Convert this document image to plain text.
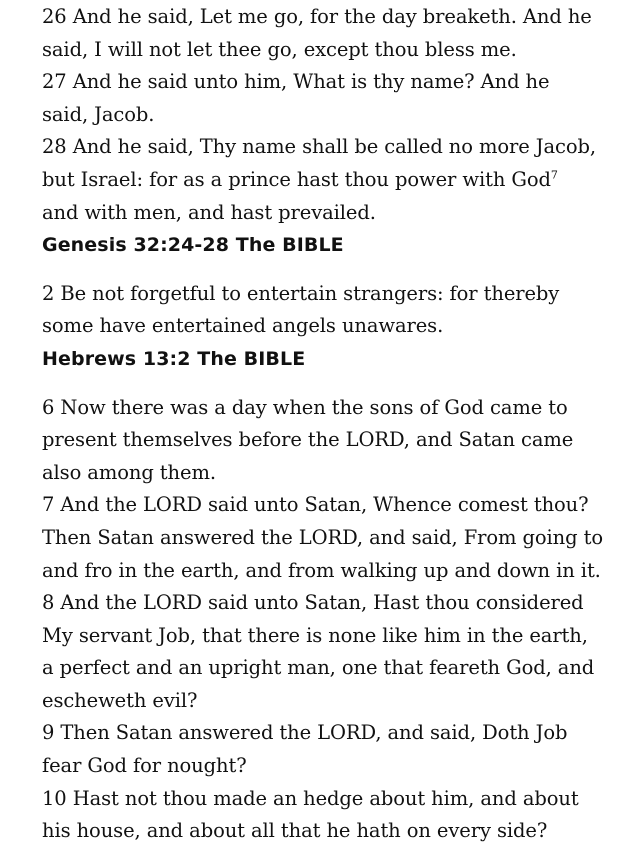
26 And he said, Let me go, for the day breaketh. And he
said, I will not let thee go, except thou bless me.
27 And he said unto him, What is thy name? And he
said, Jacob.
28 And he said, Thy name shall be called no more Jacob,
but Israel: for as a prince hast thou power with God$^7$
and with men, and hast prevailed.
Genesis 32:24-28 The BIBLE
2 Be not forgetful to entertain strangers: for thereby
some have entertained angels unawares.
Hebrews 13:2 The BIBLE
6 Now there was a day when the sons of God came to
present themselves before the LORD, and Satan came
also among them.
7 And the LORD said unto Satan, Whence comest thou?
Then Satan answered the LORD, and said, From going to
and fro in the earth, and from walking up and down in it.
8 And the LORD said unto Satan, Hast thou considered
My servant Job, that there is none like him in the earth,
a perfect and an upright man, one that feareth God, and
escheweth evil?
9 Then Satan answered the LORD, and said, Doth Job
fear God for nought?
10 Hast not thou made an hedge about him, and about
his house, and about all that he hath on every side?
